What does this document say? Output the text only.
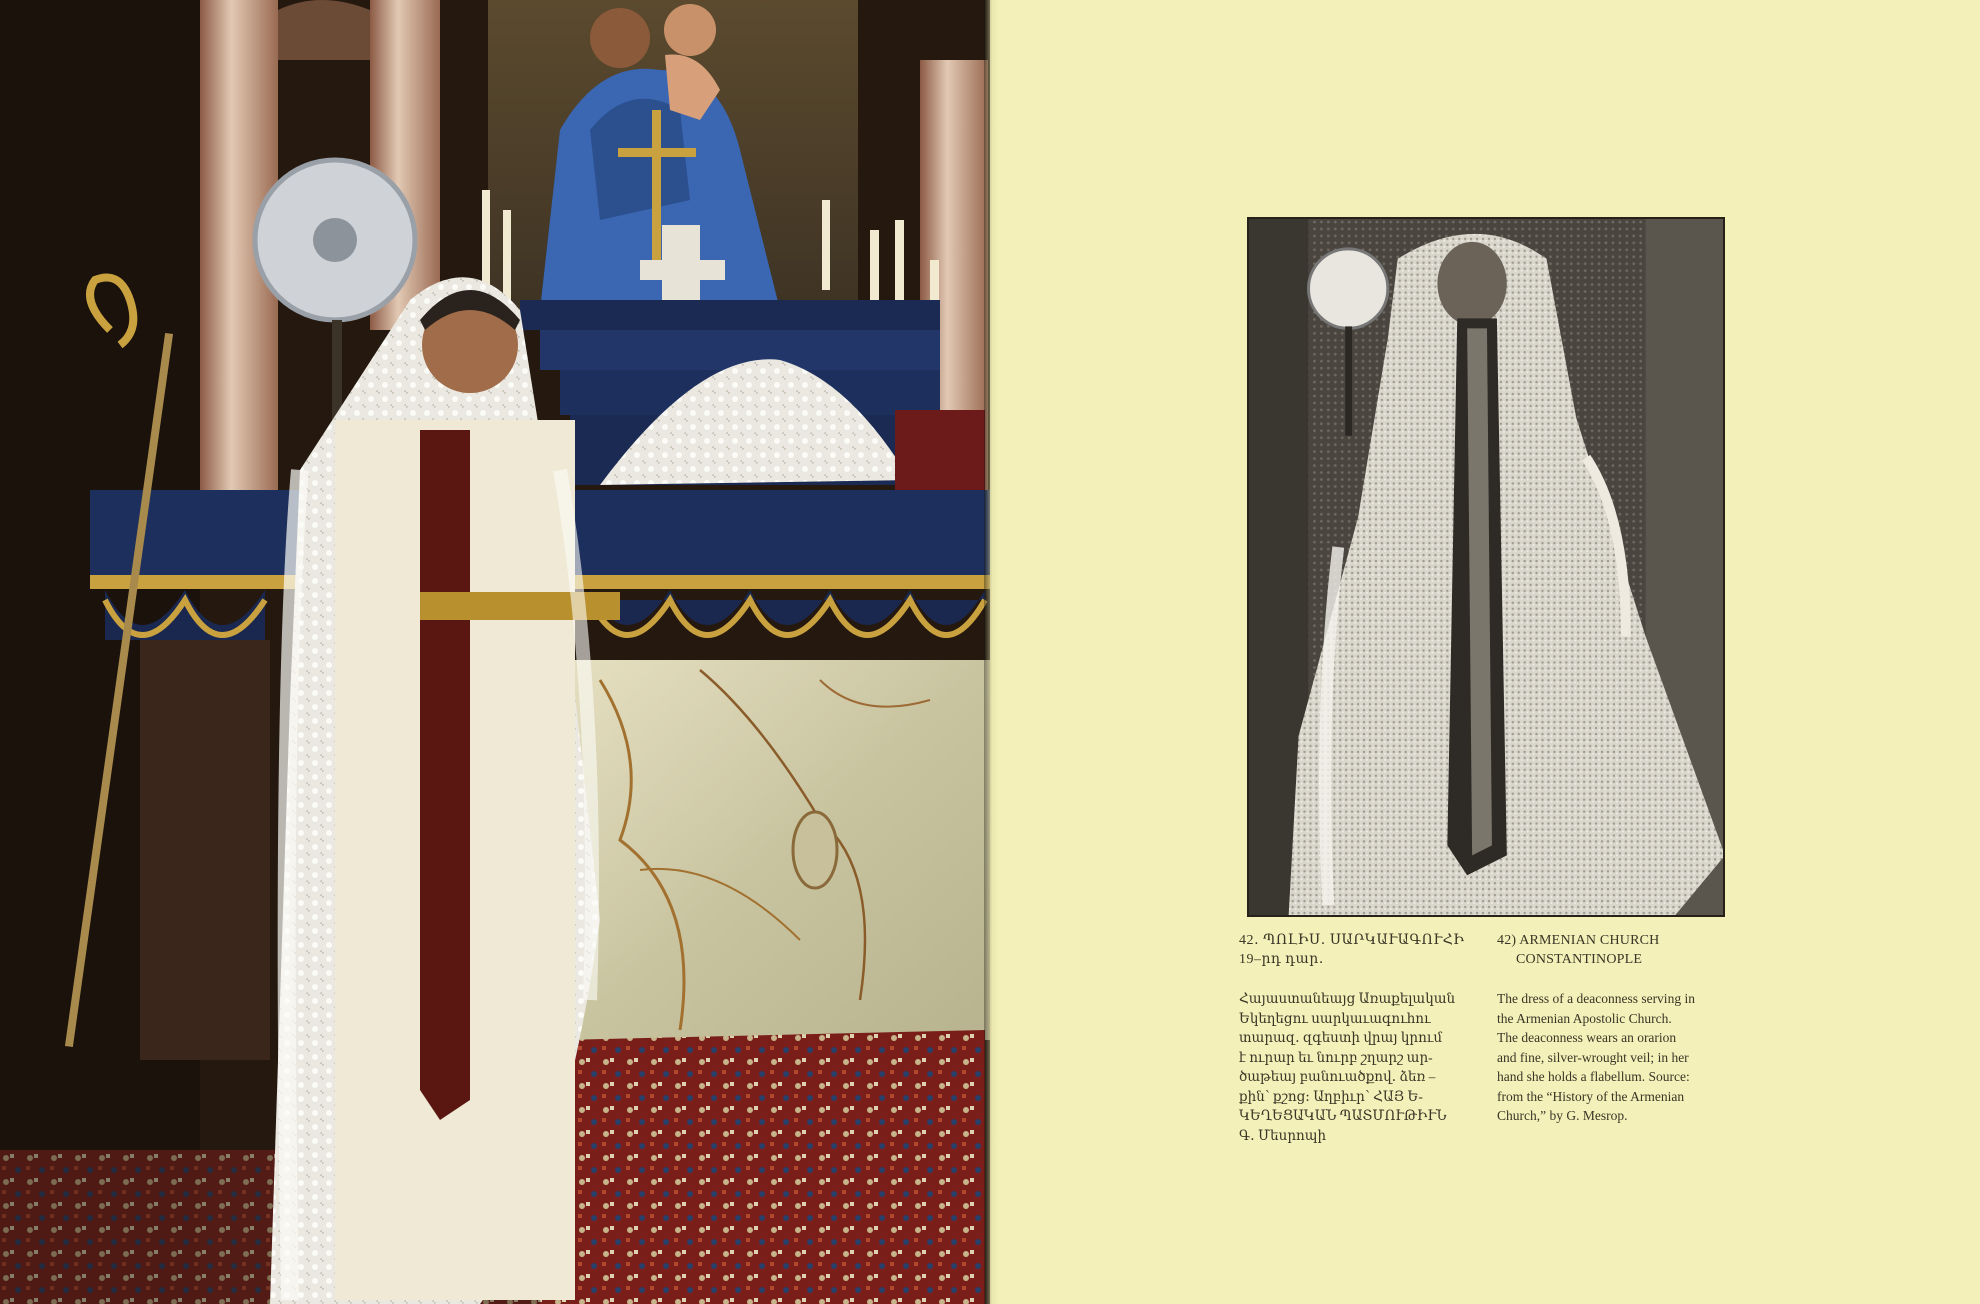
42․ ՊՈԼԻՍ․ ՍԱՐԿԱՒԱԳՈՒՀԻ
19–րդ դար․
42) ARMENIAN CHURCH
CONSTANTINOPLE
Հայաստանեայց Առաքելական
Եկեղեցու սարկաւագուհու
տարազ․ զգեստի վրայ կրում
է ուրար եւ նուրբ շղարշ ար-
ծաթեայ բանուածքով․ ձեռ –
քին՝ քշոց։ Աղբիւր՝ ՀԱՅ Ե-
ԿԵՂԵՑԱԿԱՆ ՊԱՏՄՈՒԹԻՒՆ
Գ․ Մեսրոպի
The dress of a deaconness serving in
the Armenian Apostolic Church.
The deaconness wears an orarion
and fine, silver-wrought veil; in her
hand she holds a flabellum. Source:
from the “History of the Armenian
Church,” by G. Mesrop.
